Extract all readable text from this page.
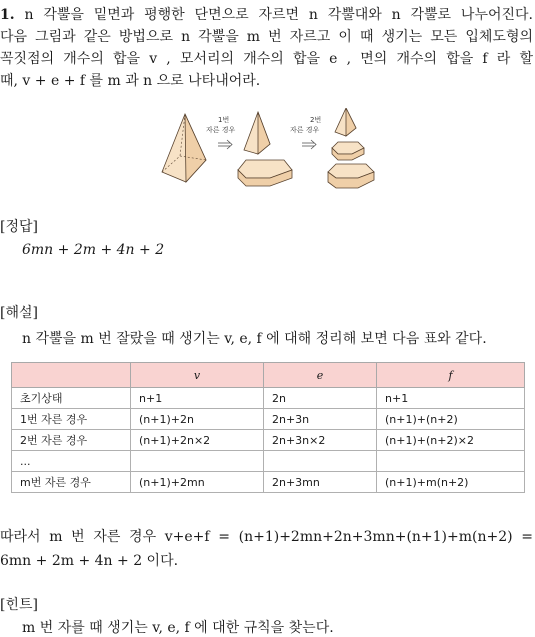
1. n 각뿔을 밑면과 평행한 단면으로 자르면 n 각뿔대와 n 각뿔로 나누어진다.
다음 그림과 같은 방법으로 n 각뿔을 m 번 자르고 이 때 생기는 모든 입체도형의
꼭짓점의 개수의 합을 v , 모서리의 개수의 합을 e , 면의 개수의 합을 f 라 할
때, v + e + f 를 m 과 n 으로 나타내어라.
1번
자른 경우
2번
자른 경우
[정답]
6mn + 2m + 4n + 2
[해설]
n 각뿔을 m 번 잘랐을 때 생기는 v, e, f 에 대해 정리해 보면 다음 표와 같다.
	v	e	f
초기상태	n+1	2n	n+1
1번 자른 경우	(n+1)+2n	2n+3n	(n+1)+(n+2)
2번 자른 경우	(n+1)+2n×2	2n+3n×2	(n+1)+(n+2)×2
...			
m번 자른 경우	(n+1)+2mn	2n+3mn	(n+1)+m(n+2)
따라서 m 번 자른 경우 v+e+f = (n+1)+2mn+2n+3mn+(n+1)+m(n+2) =
6mn + 2m + 4n + 2 이다.
[힌트]
m 번 자를 때 생기는 v, e, f 에 대한 규칙을 찾는다.
